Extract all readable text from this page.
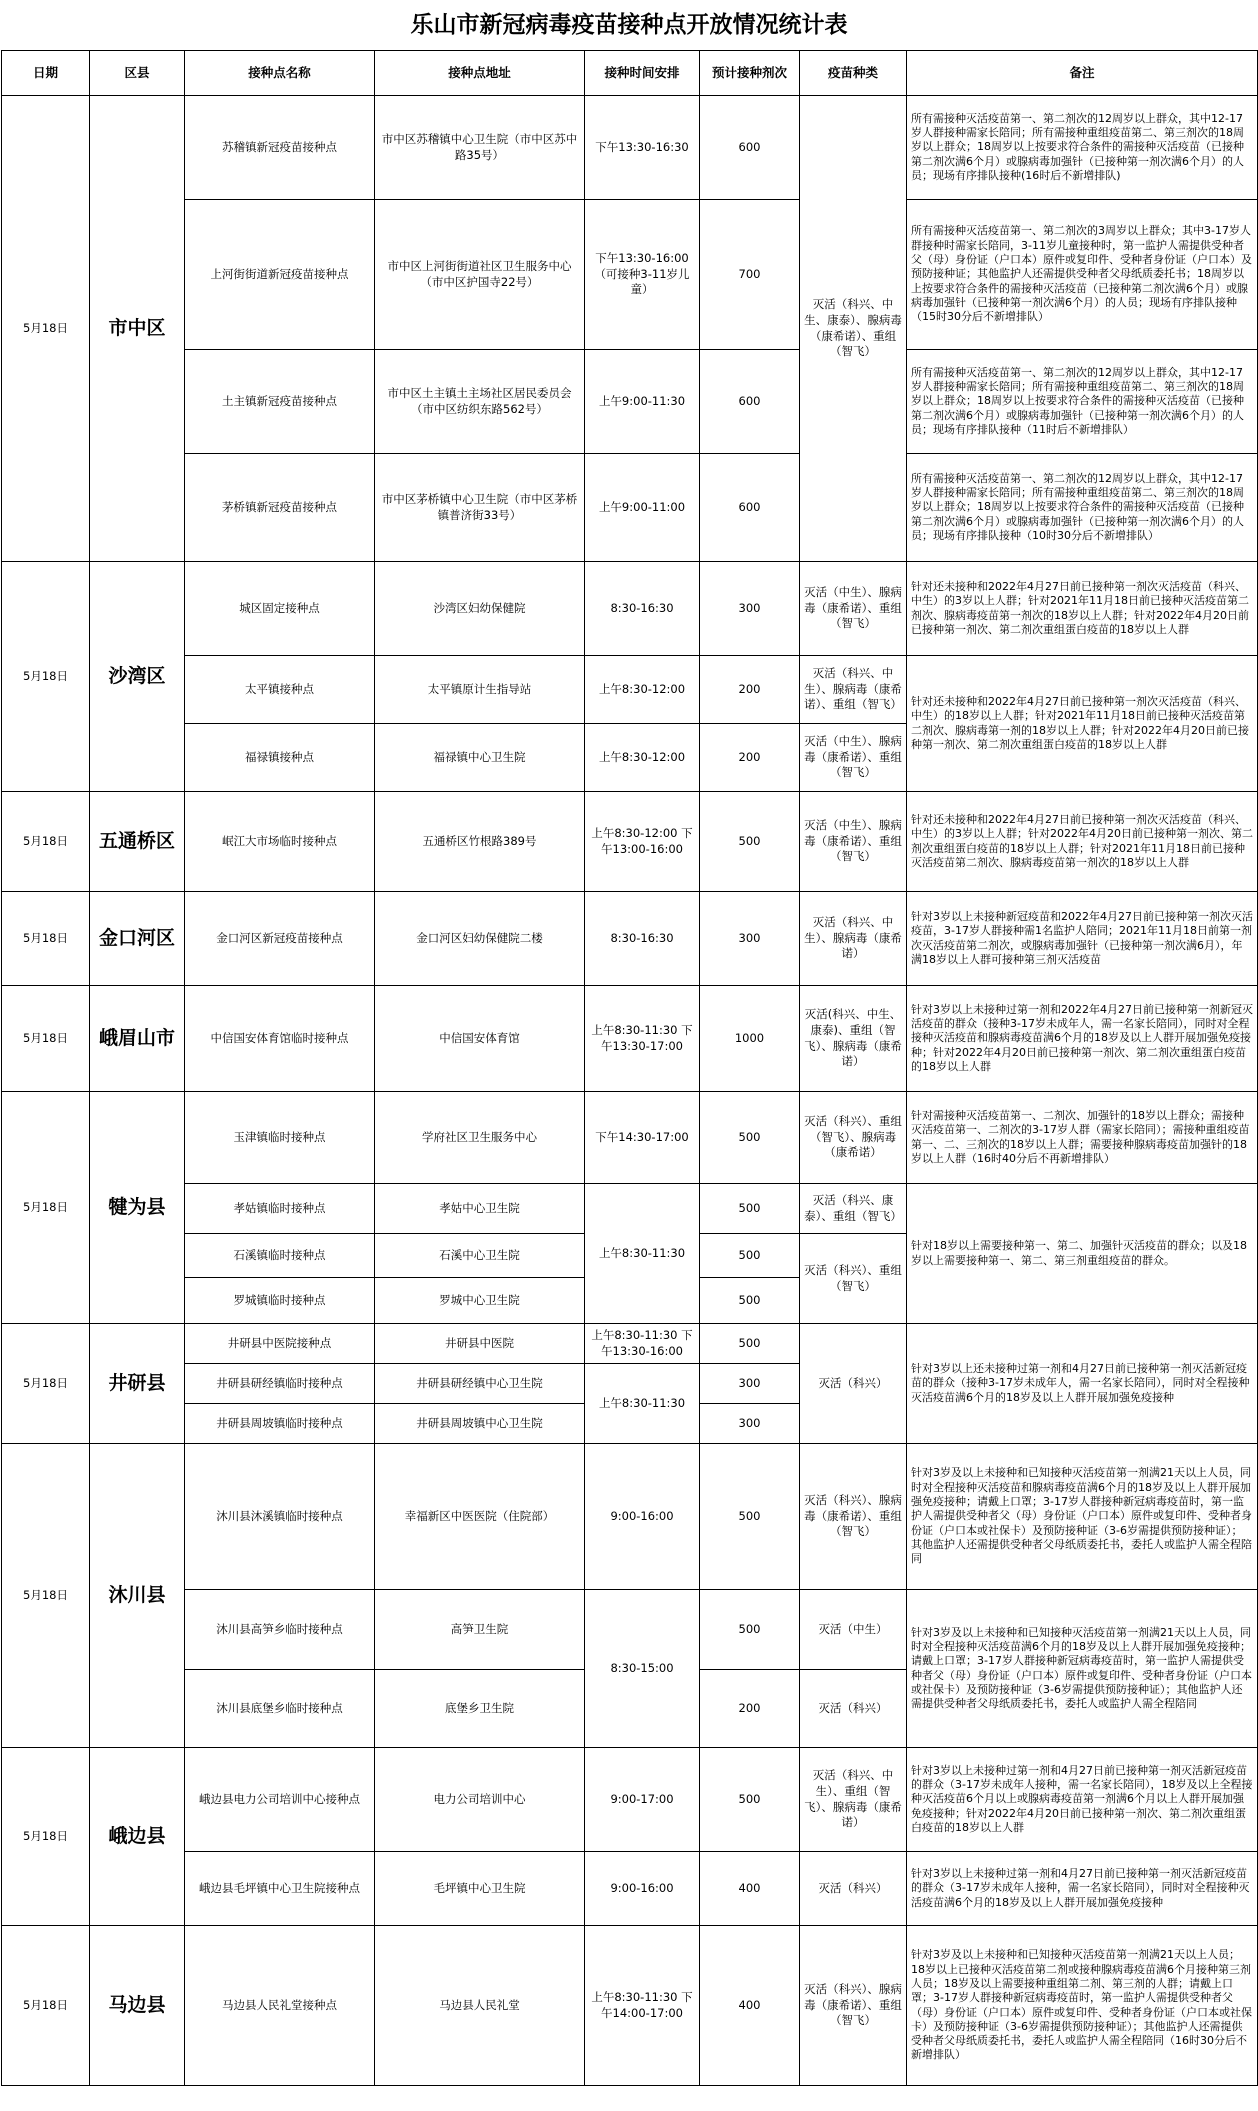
乐山市新冠病毒疫苗接种点开放情况统计表
日期	区县	接种点名称	接种点地址	接种时间安排	预计接种剂次	疫苗种类	备注
5月18日	市中区	苏稽镇新冠疫苗接种点	市中区苏稽镇中心卫生院（市中区苏中路35号）	下午13:30-16:30	600	灭活（科兴、中生、康泰）、腺病毒（康希诺）、重组（智飞）	所有需接种灭活疫苗第一、第二剂次的12周岁以上群众，其中12-17岁人群接种需家长陪同；所有需接种重组疫苗第二、第三剂次的18周岁以上群众；18周岁以上按要求符合条件的需接种灭活疫苗（已接种第二剂次满6个月）或腺病毒加强针（已接种第一剂次满6个月）的人员；现场有序排队接种(16时后不新增排队)
		上河街街道新冠疫苗接种点	市中区上河街街道社区卫生服务中心（市中区护国寺22号）	下午13:30-16:00（可接种3-11岁儿童）	700		所有需接种灭活疫苗第一、第二剂次的3周岁以上群众；其中3-17岁人群接种时需家长陪同，3-11岁儿童接种时，第一监护人需提供受种者父（母）身份证（户口本）原件或复印件、受种者身份证（户口本）及预防接种证；其他监护人还需提供受种者父母纸质委托书；18周岁以上按要求符合条件的需接种灭活疫苗（已接种第二剂次满6个月）或腺病毒加强针（已接种第一剂次满6个月）的人员；现场有序排队接种（15时30分后不新增排队）
		土主镇新冠疫苗接种点	市中区土主镇土主场社区居民委员会（市中区纺织东路562号）	上午9:00-11:30	600		所有需接种灭活疫苗第一、第二剂次的12周岁以上群众，其中12-17岁人群接种需家长陪同；所有需接种重组疫苗第二、第三剂次的18周岁以上群众；18周岁以上按要求符合条件的需接种灭活疫苗（已接种第二剂次满6个月）或腺病毒加强针（已接种第一剂次满6个月）的人员；现场有序排队接种（11时后不新增排队）
		茅桥镇新冠疫苗接种点	市中区茅桥镇中心卫生院（市中区茅桥镇普济街33号）	上午9:00-11:00	600		所有需接种灭活疫苗第一、第二剂次的12周岁以上群众，其中12-17岁人群接种需家长陪同；所有需接种重组疫苗第二、第三剂次的18周岁以上群众；18周岁以上按要求符合条件的需接种灭活疫苗（已接种第二剂次满6个月）或腺病毒加强针（已接种第一剂次满6个月）的人员；现场有序排队接种（10时30分后不新增排队）
5月18日	沙湾区	城区固定接种点	沙湾区妇幼保健院	8:30-16:30	300	灭活（中生）、腺病毒（康希诺）、重组（智飞）	针对还未接种和2022年4月27日前已接种第一剂次灭活疫苗（科兴、中生）的3岁以上人群；针对2021年11月18日前已接种灭活疫苗第二剂次、腺病毒疫苗第一剂次的18岁以上人群；针对2022年4月20日前已接种第一剂次、第二剂次重组蛋白疫苗的18岁以上人群
		太平镇接种点	太平镇原计生指导站	上午8:30-12:00	200	灭活（科兴、中生）、腺病毒（康希诺）、重组（智飞）	针对还未接种和2022年4月27日前已接种第一剂次灭活疫苗（科兴、中生）的18岁以上人群；针对2021年11月18日前已接种灭活疫苗第二剂次、腺病毒第一剂的18岁以上人群；针对2022年4月20日前已接种第一剂次、第二剂次重组蛋白疫苗的18岁以上人群
		福禄镇接种点	福禄镇中心卫生院	上午8:30-12:00	200	灭活（中生）、腺病毒（康希诺）、重组（智飞）	
5月18日	五通桥区	岷江大市场临时接种点	五通桥区竹根路389号	上午8:30-12:00 下午13:00-16:00	500	灭活（中生）、腺病毒（康希诺）、重组（智飞）	针对还未接种和2022年4月27日前已接种第一剂次灭活疫苗（科兴、中生）的3岁以上人群；针对2022年4月20日前已接种第一剂次、第二剂次重组蛋白疫苗的18岁以上人群；针对2021年11月18日前已接种灭活疫苗第二剂次、腺病毒疫苗第一剂次的18岁以上人群
5月18日	金口河区	金口河区新冠疫苗接种点	金口河区妇幼保健院二楼	8:30-16:30	300	灭活（科兴、中生）、腺病毒（康希诺）	针对3岁以上未接种新冠疫苗和2022年4月27日前已接种第一剂次灭活疫苗，3-17岁人群接种需1名监护人陪同；2021年11月18日前第一剂次灭活疫苗第二剂次，或腺病毒加强针（已接种第一剂次满6月），年满18岁以上人群可接种第三剂灭活疫苗
5月18日	峨眉山市	中信国安体育馆临时接种点	中信国安体育馆	上午8:30-11:30 下午13:30-17:00	1000	灭活(科兴、中生、康泰)、重组（智飞）、腺病毒（康希诺）	针对3岁以上未接种过第一剂和2022年4月27日前已接种第一剂新冠灭活疫苗的群众（接种3-17岁未成年人，需一名家长陪同），同时对全程接种灭活疫苗和腺病毒疫苗满6个月的18岁及以上人群开展加强免疫接种；针对2022年4月20日前已接种第一剂次、第二剂次重组蛋白疫苗的18岁以上人群
5月18日	犍为县	玉津镇临时接种点	学府社区卫生服务中心	下午14:30-17:00	500	灭活（科兴）、重组（智飞）、腺病毒（康希诺）	针对需接种灭活疫苗第一、二剂次、加强针的18岁以上群众；需接种灭活疫苗第一、二剂次的3-17岁人群（需家长陪同）；需接种重组疫苗第一、二、三剂次的18岁以上人群；需要接种腺病毒疫苗加强针的18岁以上人群（16时40分后不再新增排队）
		孝姑镇临时接种点	孝姑中心卫生院	上午8:30-11:30	500	灭活（科兴、康泰）、重组（智飞）	针对18岁以上需要接种第一、第二、加强针灭活疫苗的群众；以及18岁以上需要接种第一、第二、第三剂重组疫苗的群众。
		石溪镇临时接种点	石溪中心卫生院		500	灭活（科兴）、重组（智飞）	
		罗城镇临时接种点	罗城中心卫生院		500		
5月18日	井研县	井研县中医院接种点	井研县中医院	上午8:30-11:30 下午13:30-16:00	500	灭活（科兴）	针对3岁以上还未接种过第一剂和4月27日前已接种第一剂灭活新冠疫苗的群众（接种3-17岁未成年人，需一名家长陪同），同时对全程接种灭活疫苗满6个月的18岁及以上人群开展加强免疫接种
		井研县研经镇临时接种点	井研县研经镇中心卫生院	上午8:30-11:30	300		
		井研县周坡镇临时接种点	井研县周坡镇中心卫生院		300		
5月18日	沐川县	沐川县沐溪镇临时接种点	幸福新区中医医院（住院部）	9:00-16:00	500	灭活（科兴）、腺病毒（康希诺）、重组（智飞）	针对3岁及以上未接种和已知接种灭活疫苗第一剂满21天以上人员，同时对全程接种灭活疫苗和腺病毒疫苗满6个月的18岁及以上人群开展加强免疫接种；请戴上口罩；3-17岁人群接种新冠病毒疫苗时，第一监护人需提供受种者父（母）身份证（户口本）原件或复印件、受种者身份证（户口本或社保卡）及预防接种证（3-6岁需提供预防接种证）；其他监护人还需提供受种者父母纸质委托书，委托人或监护人需全程陪同
		沐川县高笋乡临时接种点	高笋卫生院	8:30-15:00	500	灭活（中生）	针对3岁及以上未接种和已知接种灭活疫苗第一剂满21天以上人员，同时对全程接种灭活疫苗满6个月的18岁及以上人群开展加强免疫接种；请戴上口罩；3-17岁人群接种新冠病毒疫苗时，第一监护人需提供受种者父（母）身份证（户口本）原件或复印件、受种者身份证（户口本或社保卡）及预防接种证（3-6岁需提供预防接种证）；其他监护人还需提供受种者父母纸质委托书，委托人或监护人需全程陪同
		沐川县底堡乡临时接种点	底堡乡卫生院		200	灭活（科兴）	
5月18日	峨边县	峨边县电力公司培训中心接种点	电力公司培训中心	9:00-17:00	500	灭活（科兴、中生）、重组（智飞）、腺病毒（康希诺）	针对3岁以上未接种过第一剂和4月27日前已接种第一剂灭活新冠疫苗的群众（3-17岁未成年人接种，需一名家长陪同），18岁及以上全程接种灭活疫苗6个月以上或腺病毒疫苗第一剂满6个月以上人群开展加强免疫接种；针对2022年4月20日前已接种第一剂次、第二剂次重组蛋白疫苗的18岁以上人群
		峨边县毛坪镇中心卫生院接种点	毛坪镇中心卫生院	9:00-16:00	400	灭活（科兴）	针对3岁以上未接种过第一剂和4月27日前已接种第一剂灭活新冠疫苗的群众（3-17岁未成年人接种，需一名家长陪同），同时对全程接种灭活疫苗满6个月的18岁及以上人群开展加强免疫接种
5月18日	马边县	马边县人民礼堂接种点	马边县人民礼堂	上午8:30-11:30 下午14:00-17:00	400	灭活（科兴）、腺病毒（康希诺）、重组（智飞）	针对3岁及以上未接种和已知接种灭活疫苗第一剂满21天以上人员；18岁以上已接种灭活疫苗第二剂或接种腺病毒疫苗满6个月接种第三剂人员；18岁及以上需要接种重组第二剂、第三剂的人群；请戴上口罩；3-17岁人群接种新冠病毒疫苗时，第一监护人需提供受种者父（母）身份证（户口本）原件或复印件、受种者身份证（户口本或社保卡）及预防接种证（3-6岁需提供预防接种证）；其他监护人还需提供受种者父母纸质委托书，委托人或监护人需全程陪同（16时30分后不新增排队）
